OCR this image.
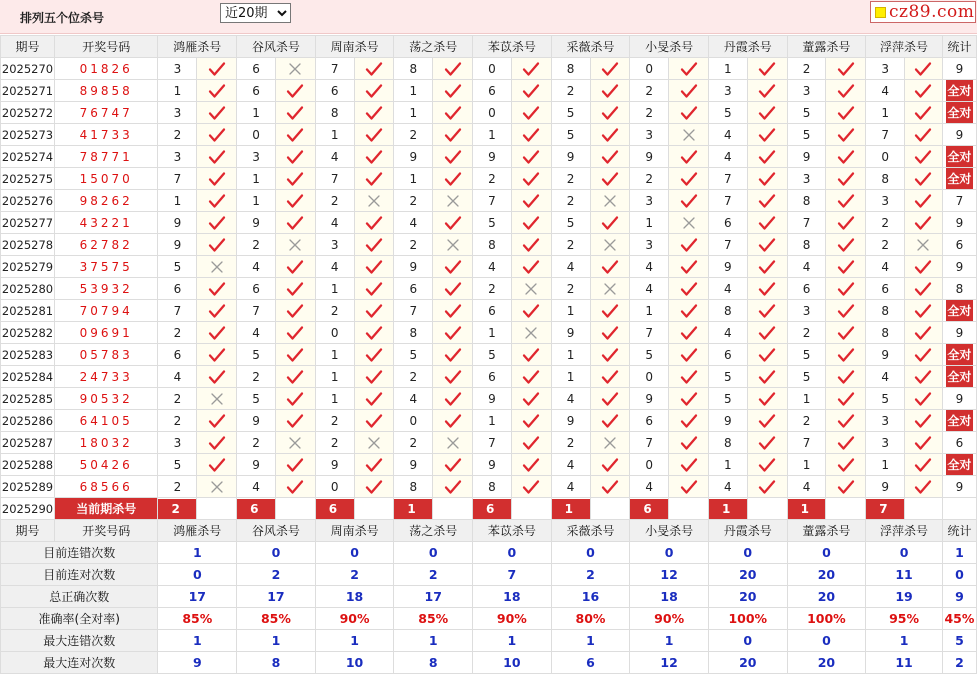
排列五个位杀号
近20期	cz89.com
期号	开奖号码	鸿雁杀号		谷风杀号		周南杀号		荡之杀号		苯苡杀号		采薇杀号		小旻杀号		丹霞杀号		蕫露杀号		浮萍杀号		统计
2025270	01826	3		6		7		8		0		8		0		1		2		3		9
2025271	89858	1		6		6		1		6		2		2		3		3		4		全对
2025272	76747	3		1		8		1		0		5		2		5		5		1		全对
2025273	41733	2		0		1		2		1		5		3		4		5		7		9
2025274	78771	3		3		4		9		9		9		9		4		9		0		全对
2025275	15070	7		1		7		1		2		2		2		7		3		8		全对
2025276	98262	1		1		2		2		7		2		3		7		8		3		7
2025277	43221	9		9		4		4		5		5		1		6		7		2		9
2025278	62782	9		2		3		2		8		2		3		7		8		2		6
2025279	37575	5		4		4		9		4		4		4		9		4		4		9
2025280	53932	6		6		1		6		2		2		4		4		6		6		8
2025281	70794	7		7		2		7		6		1		1		8		3		8		全对
2025282	09691	2		4		0		8		1		9		7		4		2		8		9
2025283	05783	6		5		1		5		5		1		5		6		5		9		全对
2025284	24733	4		2		1		2		6		1		0		5		5		4		全对
2025285	90532	2		5		1		4		9		4		9		5		1		5		9
2025286	64105	2		9		2		0		1		9		6		9		2		3		全对
2025287	18032	3		2		2		2		7		2		7		8		7		3		6
2025288	50426	5		9		9		9		9		4		0		1		1		1		全对
2025289	68566	2		4		0		8		8		4		4		4		4		9		9
2025290	当前期杀号	2		6		6		1		6		1		6		1		1		7		
期号	开奖号码	鸿雁杀号		谷风杀号		周南杀号		荡之杀号		苯苡杀号		采薇杀号		小旻杀号		丹霞杀号		蕫露杀号		浮萍杀号		统计
目前连错次数		1		0		0		0		0		0		0		0		0		0		1
目前连对次数		0		2		2		2		7		2		12		20		20		11		0
总正确次数		17		17		18		17		18		16		18		20		20		19		9
准确率(全对率)		85%		85%		90%		85%		90%		80%		90%		100%		100%		95%		45%
最大连错次数		1		1		1		1		1		1		1		0		0		1		5
最大连对次数		9		8		10		8		10		6		12		20		20		11		2
